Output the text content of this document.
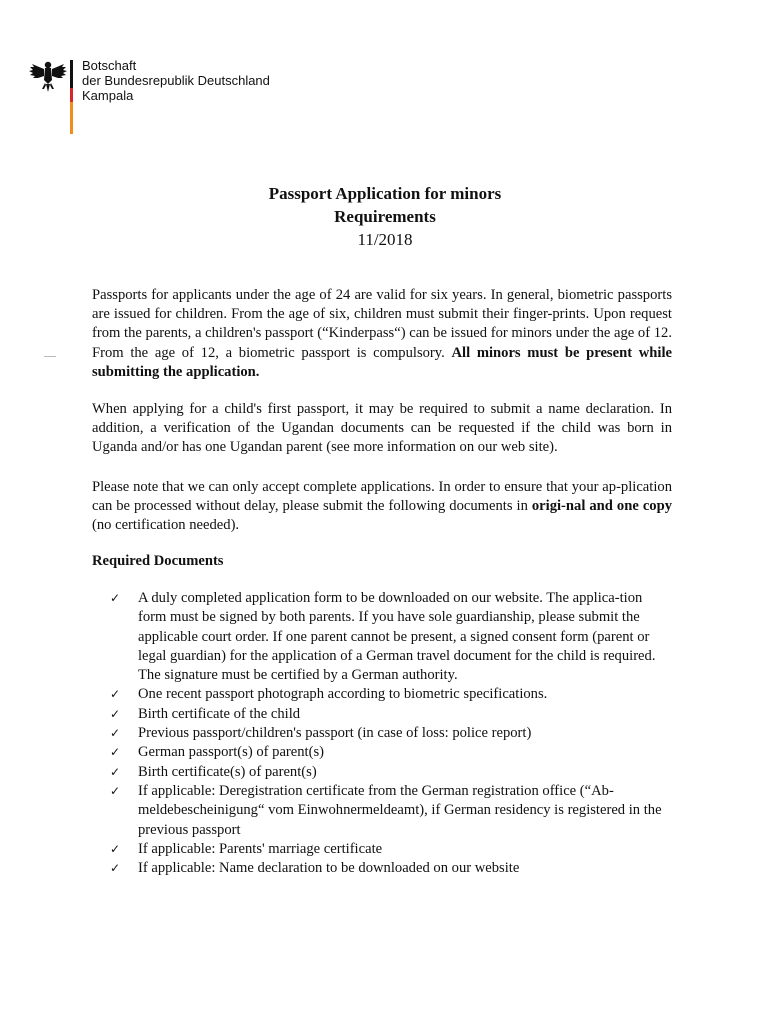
Botschaft
der Bundesrepublik Deutschland
Kampala
Passport Application for minors
Requirements
11/2018

Passports for applicants under the age of 24 are valid for six years. In general, biometric passports are issued for children. From the age of six, children must submit their finger-prints. Upon request from the parents, a children's passport (“Kinderpass“) can be issued for minors under the age of 12. From the age of 12, a biometric passport is compulsory. All minors must be present while submitting the application.

When applying for a child's first passport, it may be required to submit a name declaration. In addition, a verification of the Ugandan documents can be requested if the child was born in Uganda and/or has one Ugandan parent (see more information on our web site).

Please note that we can only accept complete applications. In order to ensure that your ap-plication can be processed without delay, please submit the following documents in origi-nal and one copy (no certification needed).

Required Documents
✓ A duly completed application form to be downloaded on our website. The applica-tion form must be signed by both parents. If you have sole guardianship, please submit the applicable court order. If one parent cannot be present, a signed consent form (parent or legal guardian) for the application of a German travel document for the child is required. The signature must be certified by a German authority.
✓ One recent passport photograph according to biometric specifications.
✓ Birth certificate of the child
✓ Previous passport/children's passport (in case of loss: police report)
✓ German passport(s) of parent(s)
✓ Birth certificate(s) of parent(s)
✓ If applicable: Deregistration certificate from the German registration office (“Ab-meldebescheinigung“ vom Einwohnermeldeamt), if German residency is registered in the previous passport
✓ If applicable: Parents' marriage certificate
✓ If applicable: Name declaration to be downloaded on our website
